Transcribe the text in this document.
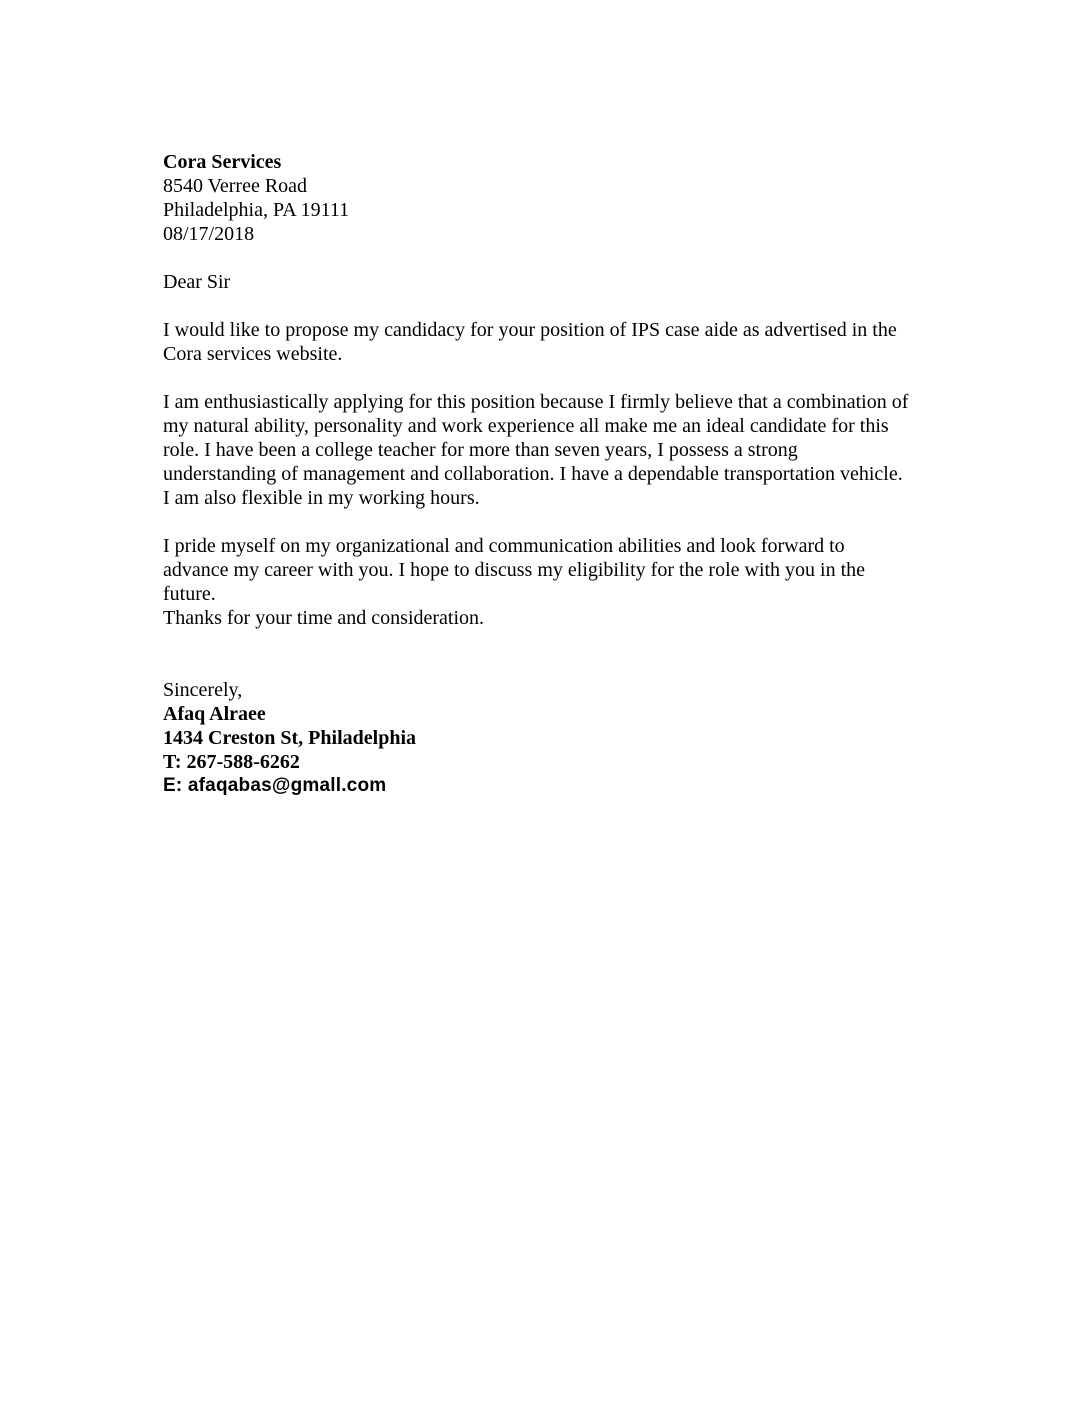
Cora Services
8540 Verree Road
Philadelphia, PA 19111
08/17/2018
Dear Sir
I would like to propose my candidacy for your position of IPS case aide as advertised in the
Cora services website.
I am enthusiastically applying for this position because I firmly believe that a combination of
my natural ability, personality and work experience all make me an ideal candidate for this
role. I have been a college teacher for more than seven years, I possess a strong
understanding of management and collaboration. I have a dependable transportation vehicle.
I am also flexible in my working hours.
I pride myself on my organizational and communication abilities and look forward to
advance my career with you. I hope to discuss my eligibility for the role with you in the
future.
Thanks for your time and consideration.
Sincerely,
Afaq Alraee
1434 Creston St, Philadelphia
T: 267-588-6262
E: afaqabas@gmall.com
